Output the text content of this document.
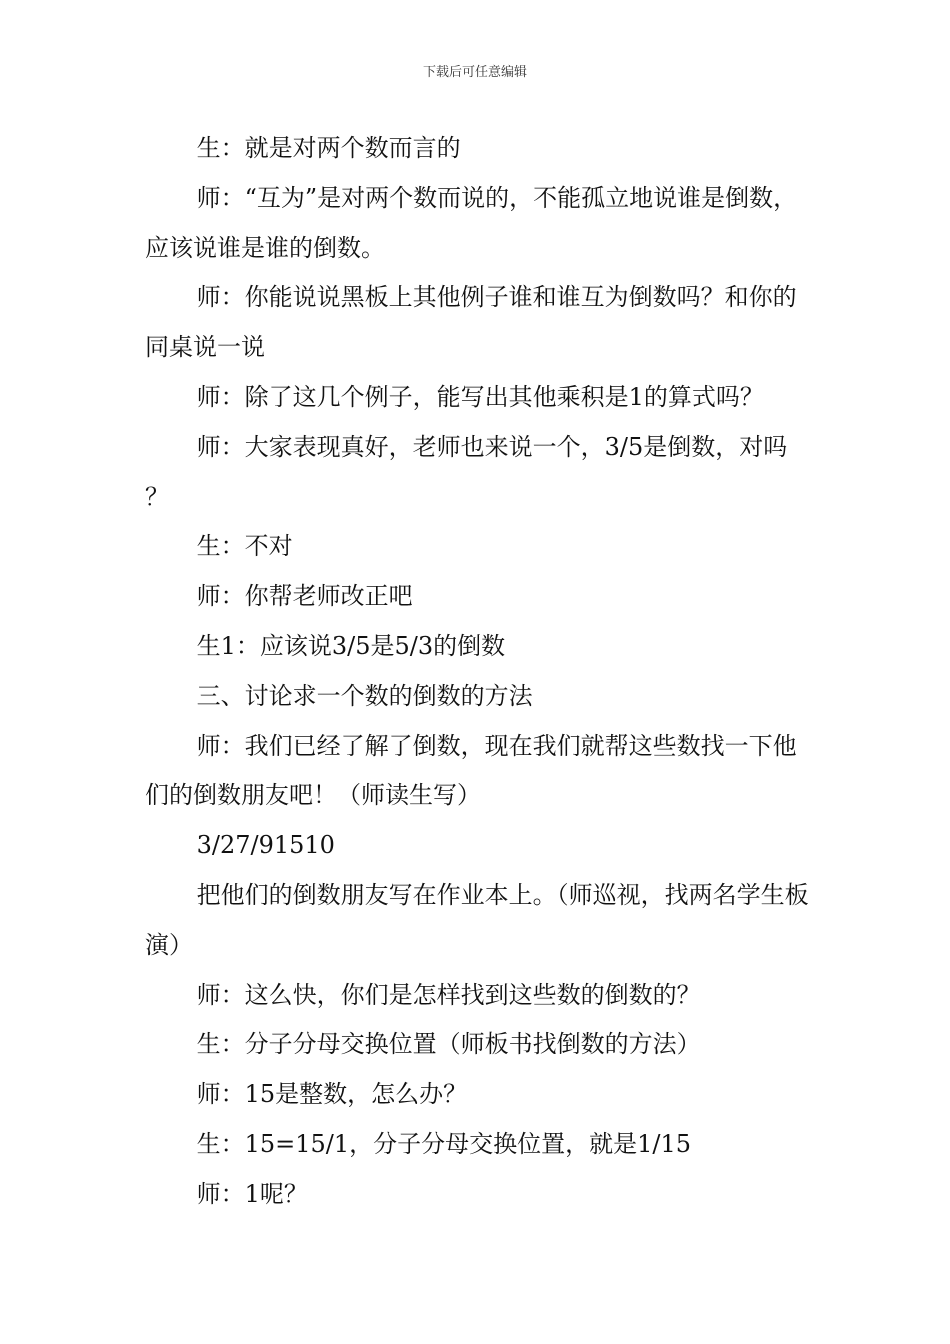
下载后可任意编辑

生：就是对两个数而言的

师：“互为”是对两个数而说的，不能孤立地说谁是倒数，应该说谁是谁的倒数。

师：你能说说黑板上其他例子谁和谁互为倒数吗？和你的同桌说一说

师：除了这几个例子，能写出其他乘积是1的算式吗？

师：大家表现真好，老师也来说一个，3/5是倒数，对吗？

生：不对

师：你帮老师改正吧

生1：应该说3/5是5/3的倒数

三、讨论求一个数的倒数的方法

师：我们已经了解了倒数，现在我们就帮这些数找一下他们的倒数朋友吧！（师读生写）

3/27/91510

把他们的倒数朋友写在作业本上。（师巡视，找两名学生板演）

师：这么快，你们是怎样找到这些数的倒数的？

生：分子分母交换位置（师板书找倒数的方法）

师：15是整数，怎么办？

生：15=15/1，分子分母交换位置，就是1/15

师：1呢？
